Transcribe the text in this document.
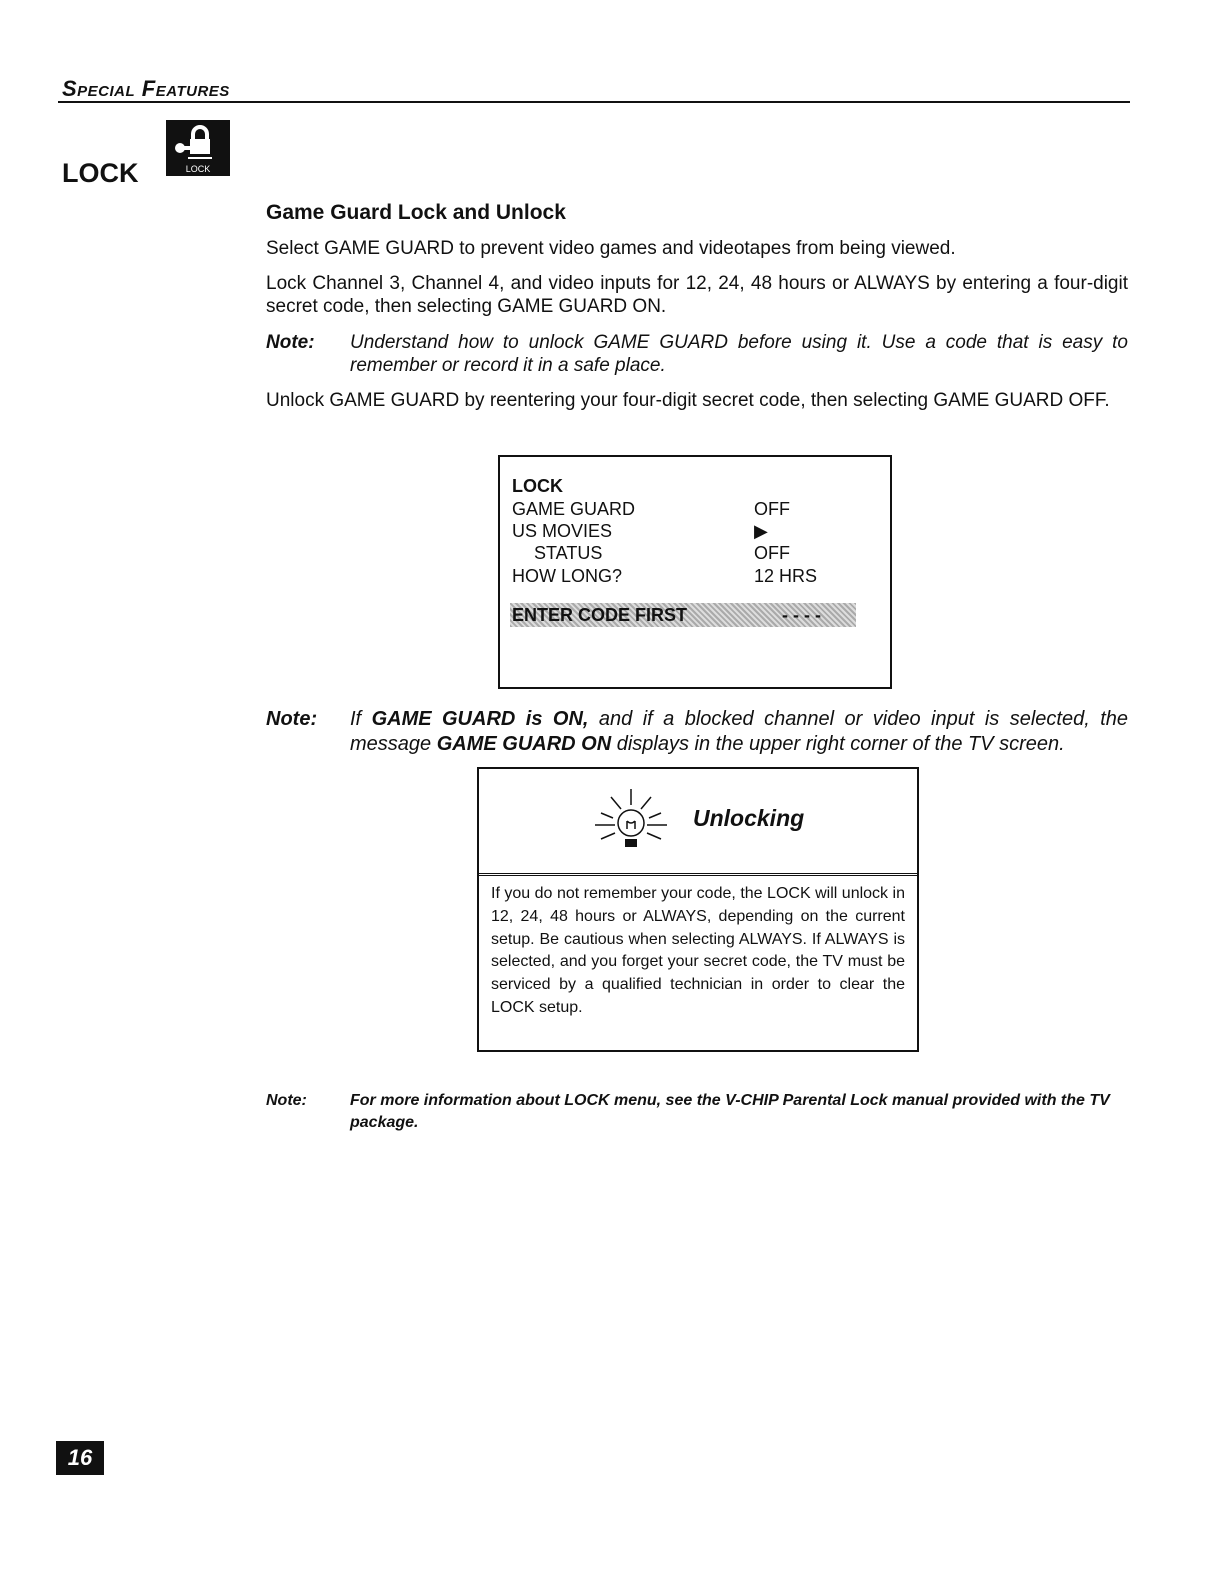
Special Features
LOCK	LOCK
Game Guard Lock and Unlock
Select GAME GUARD to prevent video games and videotapes from being viewed.
Lock Channel 3, Channel 4, and video inputs for 12, 24, 48 hours or ALWAYS by entering a four-digit secret code, then selecting GAME GUARD ON.
Note:	Understand how to unlock GAME GUARD before using it. Use a code that is easy to remember or record it in a safe place.
Unlock GAME GUARD by reentering your four-digit secret code, then selecting GAME GUARD OFF.
LOCK
GAME GUARD	OFF
US MOVIES	▶
STATUS	OFF
HOW LONG?	12 HRS
ENTER CODE FIRST	- - - -
Note:	If GAME GUARD is ON, and if a blocked channel or video input is selected, the message GAME GUARD ON displays in the upper right corner of the TV screen.
Unlocking
If you do not remember your code, the LOCK will unlock in 12, 24, 48 hours or ALWAYS, depending on the current setup. Be cautious when selecting ALWAYS. If ALWAYS is selected, and you forget your secret code, the TV must be serviced by a qualified technician in order to clear the LOCK setup.
Note:	For more information about LOCK menu, see the V-CHIP Parental Lock manual provided with the TV package.
16
